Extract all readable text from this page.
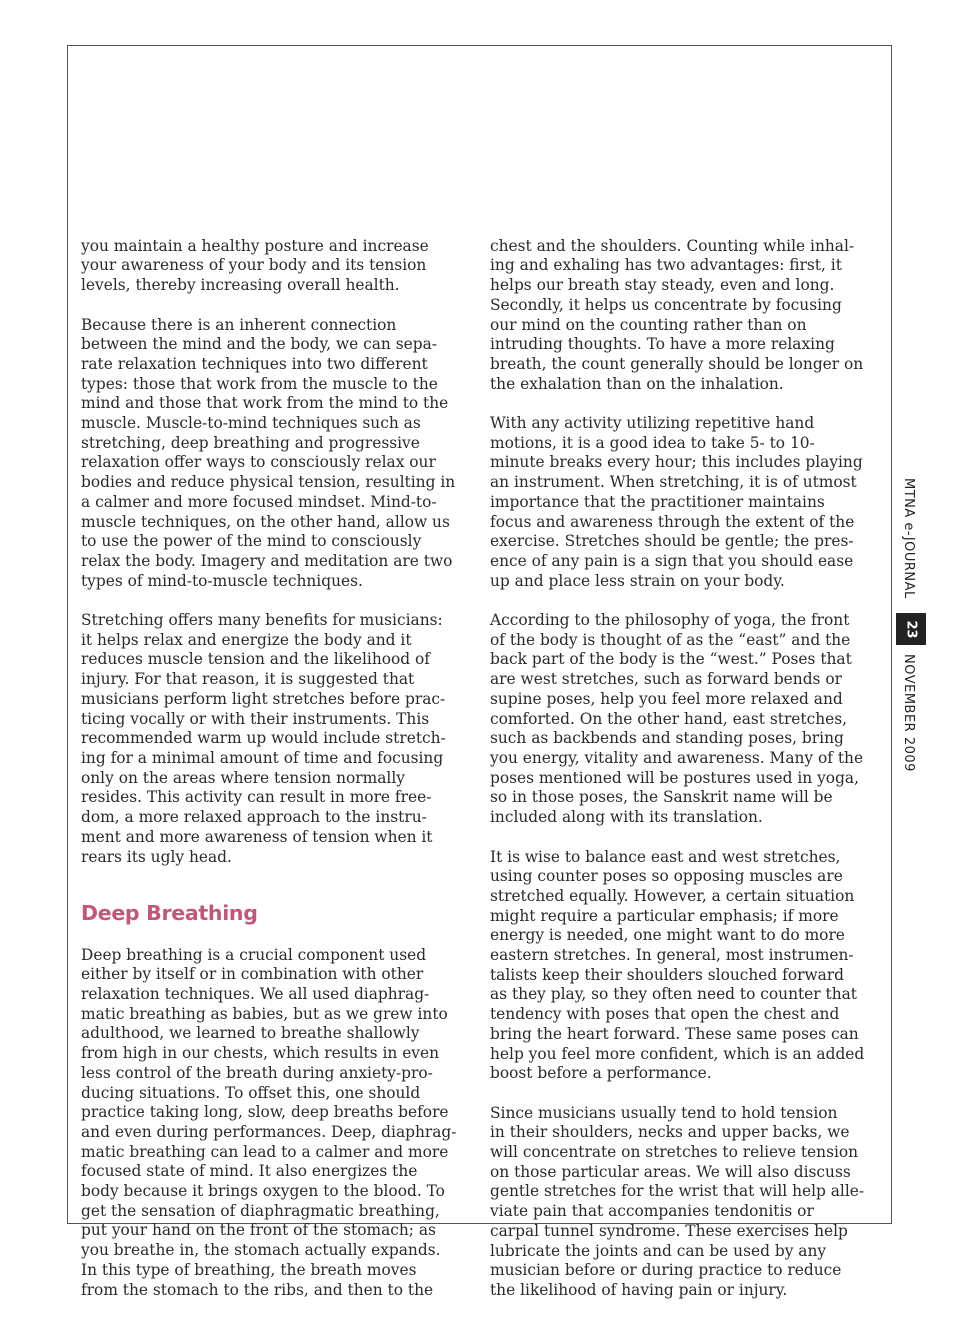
you maintain a healthy posture and increase
your awareness of your body and its tension
levels, thereby increasing overall health.

Because there is an inherent connection
between the mind and the body, we can sepa-
rate relaxation techniques into two different
types: those that work from the muscle to the
mind and those that work from the mind to the
muscle. Muscle-to-mind techniques such as
stretching, deep breathing and progressive
relaxation offer ways to consciously relax our
bodies and reduce physical tension, resulting in
a calmer and more focused mindset. Mind-to-
muscle techniques, on the other hand, allow us
to use the power of the mind to consciously
relax the body. Imagery and meditation are two
types of mind-to-muscle techniques.

Stretching offers many benefits for musicians:
it helps relax and energize the body and it
reduces muscle tension and the likelihood of
injury. For that reason, it is suggested that
musicians perform light stretches before prac-
ticing vocally or with their instruments. This
recommended warm up would include stretch-
ing for a minimal amount of time and focusing
only on the areas where tension normally
resides. This activity can result in more free-
dom, a more relaxed approach to the instru-
ment and more awareness of tension when it
rears its ugly head.

Deep Breathing

Deep breathing is a crucial component used
either by itself or in combination with other
relaxation techniques. We all used diaphrag-
matic breathing as babies, but as we grew into
adulthood, we learned to breathe shallowly
from high in our chests, which results in even
less control of the breath during anxiety-pro-
ducing situations. To offset this, one should
practice taking long, slow, deep breaths before
and even during performances. Deep, diaphrag-
matic breathing can lead to a calmer and more
focused state of mind. It also energizes the
body because it brings oxygen to the blood. To
get the sensation of diaphragmatic breathing,
put your hand on the front of the stomach; as
you breathe in, the stomach actually expands.
In this type of breathing, the breath moves
from the stomach to the ribs, and then to the

chest and the shoulders. Counting while inhal-
ing and exhaling has two advantages: first, it
helps our breath stay steady, even and long.
Secondly, it helps us concentrate by focusing
our mind on the counting rather than on
intruding thoughts. To have a more relaxing
breath, the count generally should be longer on
the exhalation than on the inhalation.

With any activity utilizing repetitive hand
motions, it is a good idea to take 5- to 10-
minute breaks every hour; this includes playing
an instrument. When stretching, it is of utmost
importance that the practitioner maintains
focus and awareness through the extent of the
exercise. Stretches should be gentle; the pres-
ence of any pain is a sign that you should ease
up and place less strain on your body.

According to the philosophy of yoga, the front
of the body is thought of as the “east” and the
back part of the body is the “west.” Poses that
are west stretches, such as forward bends or
supine poses, help you feel more relaxed and
comforted. On the other hand, east stretches,
such as backbends and standing poses, bring
you energy, vitality and awareness. Many of the
poses mentioned will be postures used in yoga,
so in those poses, the Sanskrit name will be
included along with its translation.

It is wise to balance east and west stretches,
using counter poses so opposing muscles are
stretched equally. However, a certain situation
might require a particular emphasis; if more
energy is needed, one might want to do more
eastern stretches. In general, most instrumen-
talists keep their shoulders slouched forward
as they play, so they often need to counter that
tendency with poses that open the chest and
bring the heart forward. These same poses can
help you feel more confident, which is an added
boost before a performance.

Since musicians usually tend to hold tension
in their shoulders, necks and upper backs, we
will concentrate on stretches to relieve tension
on those particular areas. We will also discuss
gentle stretches for the wrist that will help alle-
viate pain that accompanies tendonitis or
carpal tunnel syndrome. These exercises help
lubricate the joints and can be used by any
musician before or during practice to reduce
the likelihood of having pain or injury.

MTNA e-JOURNAL
23
NOVEMBER 2009
